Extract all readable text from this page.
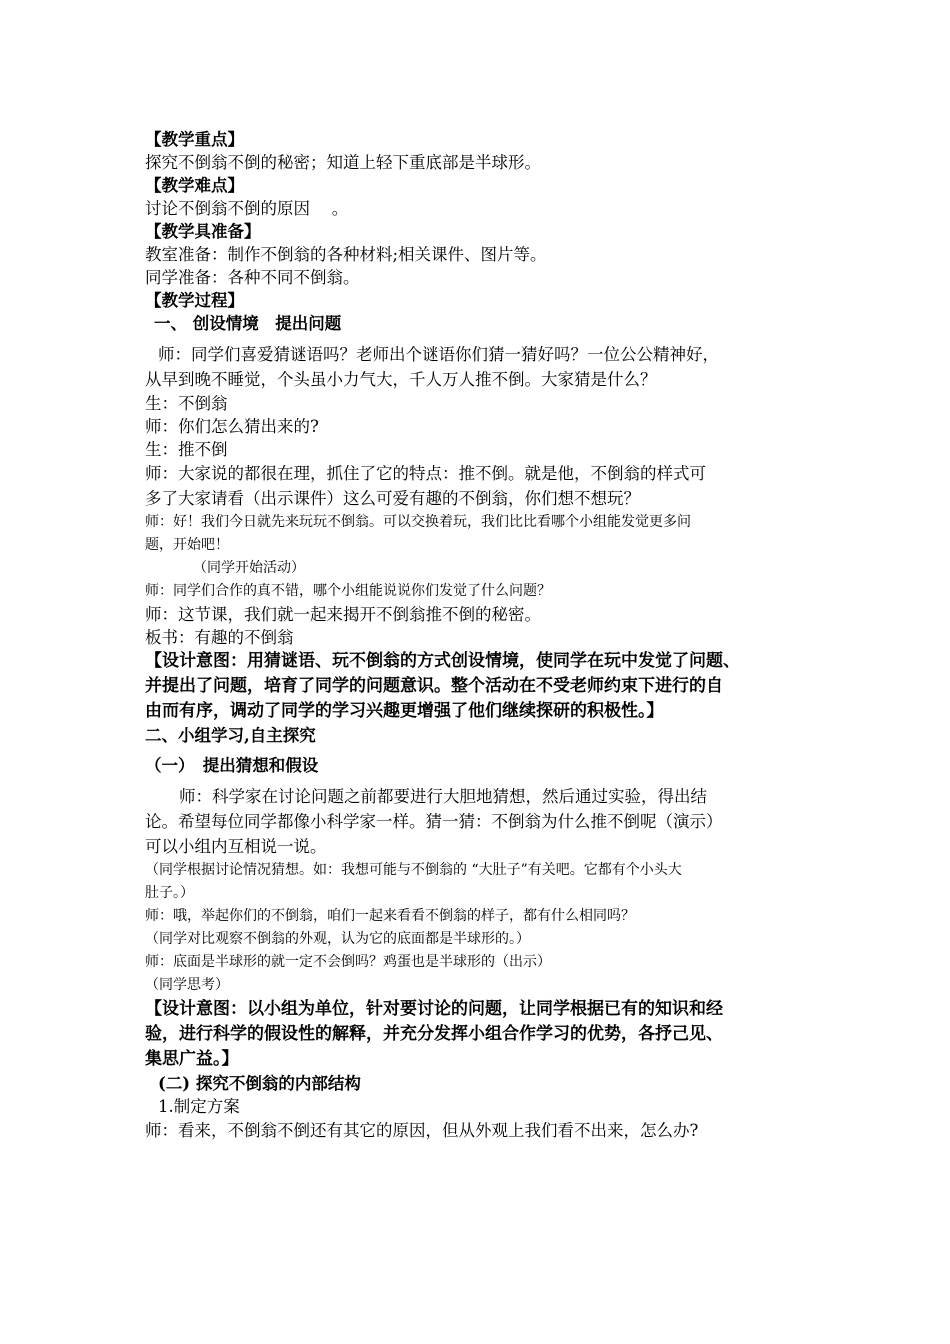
【教学重点】
探究不倒翁不倒的秘密；知道上轻下重底部是半球形。
【教学难点】
讨论不倒翁不倒的原因　 。
【教学具准备】
教室准备：制作不倒翁的各种材料;相关课件、图片等。
同学准备：各种不同不倒翁。
【教学过程】
一、 创设情境　提出问题
师：同学们喜爱猜谜语吗？老师出个谜语你们猜一猜好吗？一位公公精神好，
从早到晚不睡觉，个头虽小力气大，千人万人推不倒。大家猜是什么？
生：不倒翁
师：你们怎么猜出来的?
生：推不倒
师：大家说的都很在理，抓住了它的特点：推不倒。就是他，不倒翁的样式可
多了大家请看（出示课件）这么可爱有趣的不倒翁，你们想不想玩？
师：好！我们今日就先来玩玩不倒翁。可以交换着玩，我们比比看哪个小组能发觉更多问
题，开始吧！
（同学开始活动）
师：同学们合作的真不错，哪个小组能说说你们发觉了什么问题？
师：这节课，我们就一起来揭开不倒翁推不倒的秘密。
板书：有趣的不倒翁
【设计意图：用猜谜语、玩不倒翁的方式创设情境，使同学在玩中发觉了问题、
并提出了问题，培育了同学的问题意识。整个活动在不受老师约束下进行的自
由而有序，调动了同学的学习兴趣更增强了他们继续探研的积极性。】
二、小组学习,自主探究
（一）　提出猜想和假设
师：科学家在讨论问题之前都要进行大胆地猜想，然后通过实验，得出结
论。希望每位同学都像小科学家一样。猜一猜：不倒翁为什么推不倒呢（演示）
可以小组内互相说一说。
（同学根据讨论情况猜想。如：我想可能与不倒翁的 “大肚子”有关吧。它都有个小头大
肚子。）
师：哦，举起你们的不倒翁，咱们一起来看看不倒翁的样子，都有什么相同吗？
（同学对比观察不倒翁的外观，认为它的底面都是半球形的。）
师：底面是半球形的就一定不会倒吗？鸡蛋也是半球形的（出示）
（同学思考）
【设计意图：以小组为单位，针对要讨论的问题，让同学根据已有的知识和经
验，进行科学的假设性的解释，并充分发挥小组合作学习的优势，各抒己见、
集思广益。】
(二) 探究不倒翁的内部结构
1.制定方案
师：看来，不倒翁不倒还有其它的原因，但从外观上我们看不出来，怎么办?
